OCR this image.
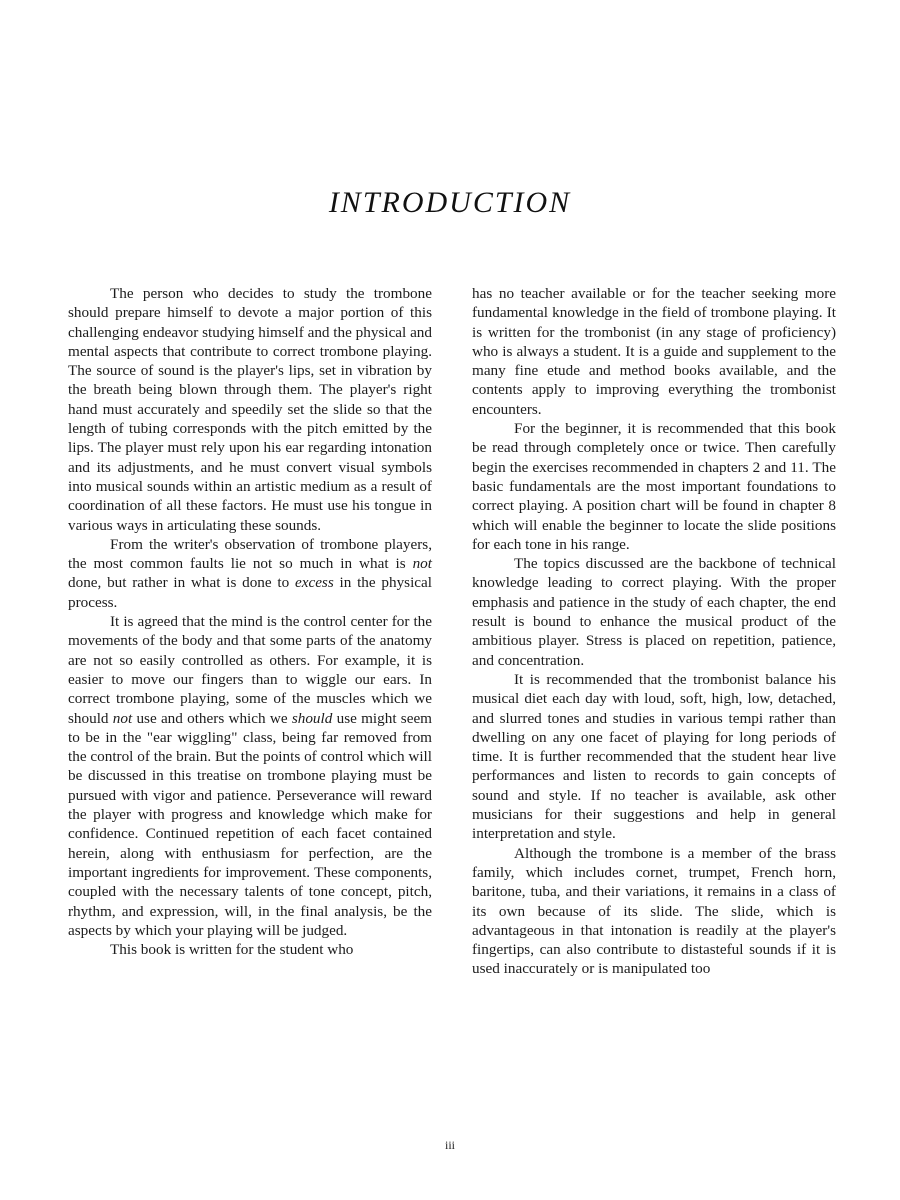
INTRODUCTION

The person who decides to study the trombone should prepare himself to devote a major portion of this challenging endeavor studying himself and the physical and mental aspects that contribute to correct trombone playing. The source of sound is the player's lips, set in vibration by the breath being blown through them. The player's right hand must accurately and speedily set the slide so that the length of tubing corresponds with the pitch emitted by the lips. The player must rely upon his ear regarding intonation and its adjustments, and he must convert visual symbols into musical sounds within an artistic medium as a result of coordination of all these factors. He must use his tongue in various ways in articulating these sounds.

From the writer's observation of trombone players, the most common faults lie not so much in what is not done, but rather in what is done to excess in the physical process.

It is agreed that the mind is the control center for the movements of the body and that some parts of the anatomy are not so easily controlled as others. For example, it is easier to move our fingers than to wiggle our ears. In correct trombone playing, some of the muscles which we should not use and others which we should use might seem to be in the "ear wiggling" class, being far removed from the control of the brain. But the points of control which will be discussed in this treatise on trombone playing must be pursued with vigor and patience. Perseverance will reward the player with progress and knowledge which make for confidence. Continued repetition of each facet contained herein, along with enthusiasm for perfection, are the important ingredients for improvement. These components, coupled with the necessary talents of tone concept, pitch, rhythm, and expression, will, in the final analysis, be the aspects by which your playing will be judged.

This book is written for the student who

has no teacher available or for the teacher seeking more fundamental knowledge in the field of trombone playing. It is written for the trombonist (in any stage of proficiency) who is always a student. It is a guide and supplement to the many fine etude and method books available, and the contents apply to improving everything the trombonist encounters.

For the beginner, it is recommended that this book be read through completely once or twice. Then carefully begin the exercises recommended in chapters 2 and 11. The basic fundamentals are the most important foundations to correct playing. A position chart will be found in chapter 8 which will enable the beginner to locate the slide positions for each tone in his range.

The topics discussed are the backbone of technical knowledge leading to correct playing. With the proper emphasis and patience in the study of each chapter, the end result is bound to enhance the musical product of the ambitious player. Stress is placed on repetition, patience, and concentration.

It is recommended that the trombonist balance his musical diet each day with loud, soft, high, low, detached, and slurred tones and studies in various tempi rather than dwelling on any one facet of playing for long periods of time. It is further recommended that the student hear live performances and listen to records to gain concepts of sound and style. If no teacher is available, ask other musicians for their suggestions and help in general interpretation and style.

Although the trombone is a member of the brass family, which includes cornet, trumpet, French horn, baritone, tuba, and their variations, it remains in a class of its own because of its slide. The slide, which is advantageous in that intonation is readily at the player's fingertips, can also contribute to distasteful sounds if it is used inaccurately or is manipulated too

iii
